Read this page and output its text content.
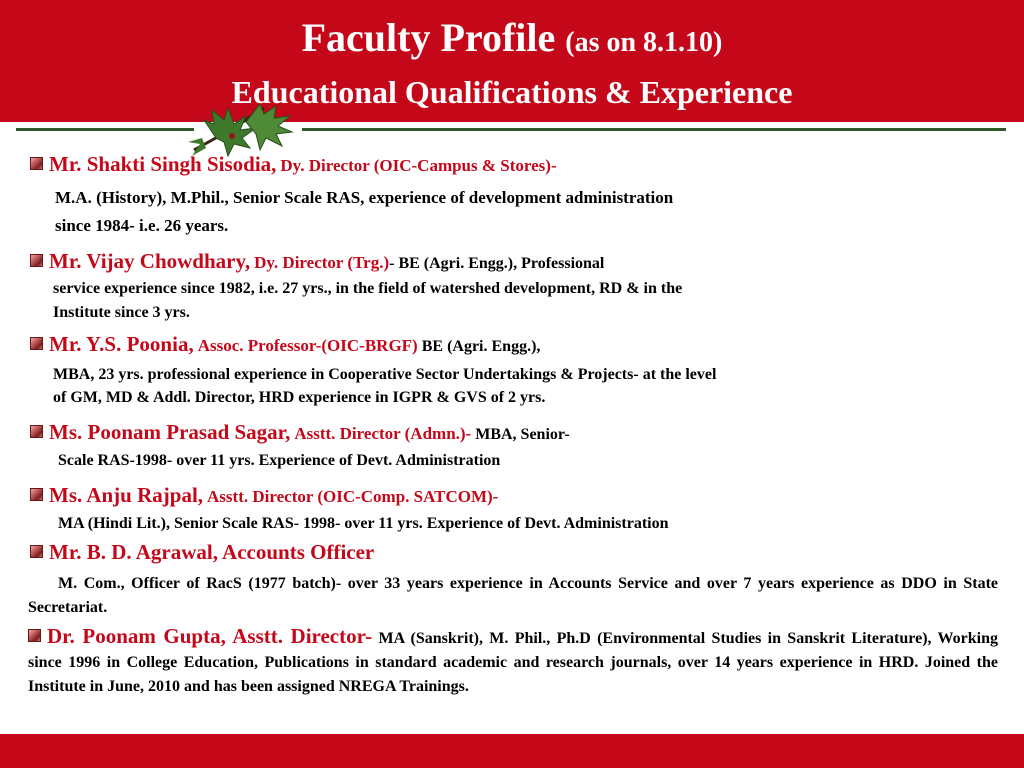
Faculty Profile (as on 8.1.10)
Educational Qualifications & Experience

Mr. Shakti Singh Sisodia, Dy. Director (OIC-Campus & Stores)-

M.A. (History), M.Phil., Senior Scale RAS, experience of development administration

since 1984- i.e. 26 years.

Mr. Vijay Chowdhary, Dy. Director (Trg.)- BE (Agri. Engg.), Professional

service experience since 1982, i.e. 27 yrs., in the field of watershed development, RD & in the

Institute since 3 yrs.

Mr. Y.S. Poonia, Assoc. Professor-(OIC-BRGF) BE (Agri. Engg.),

MBA, 23 yrs. professional experience in Cooperative Sector Undertakings & Projects- at the level

of GM, MD & Addl. Director, HRD experience in IGPR & GVS of 2 yrs.

Ms. Poonam Prasad Sagar, Asstt. Director (Admn.)- MBA, Senior-

Scale RAS-1998- over 11 yrs. Experience of Devt. Administration

Ms. Anju Rajpal, Asstt. Director (OIC-Comp. SATCOM)-

MA (Hindi Lit.), Senior Scale RAS- 1998- over 11 yrs. Experience of Devt. Administration

Mr. B. D. Agrawal, Accounts Officer

M. Com., Officer of RacS (1977 batch)- over 33 years experience in Accounts Service and over 7 years experience as DDO in State Secretariat.

Dr. Poonam Gupta, Asstt. Director- MA (Sanskrit), M. Phil., Ph.D (Environmental Studies in Sanskrit Literature), Working since 1996 in College Education, Publications in standard academic and research journals, over 14 years experience in HRD. Joined the Institute in June, 2010 and has been assigned NREGA Trainings.
